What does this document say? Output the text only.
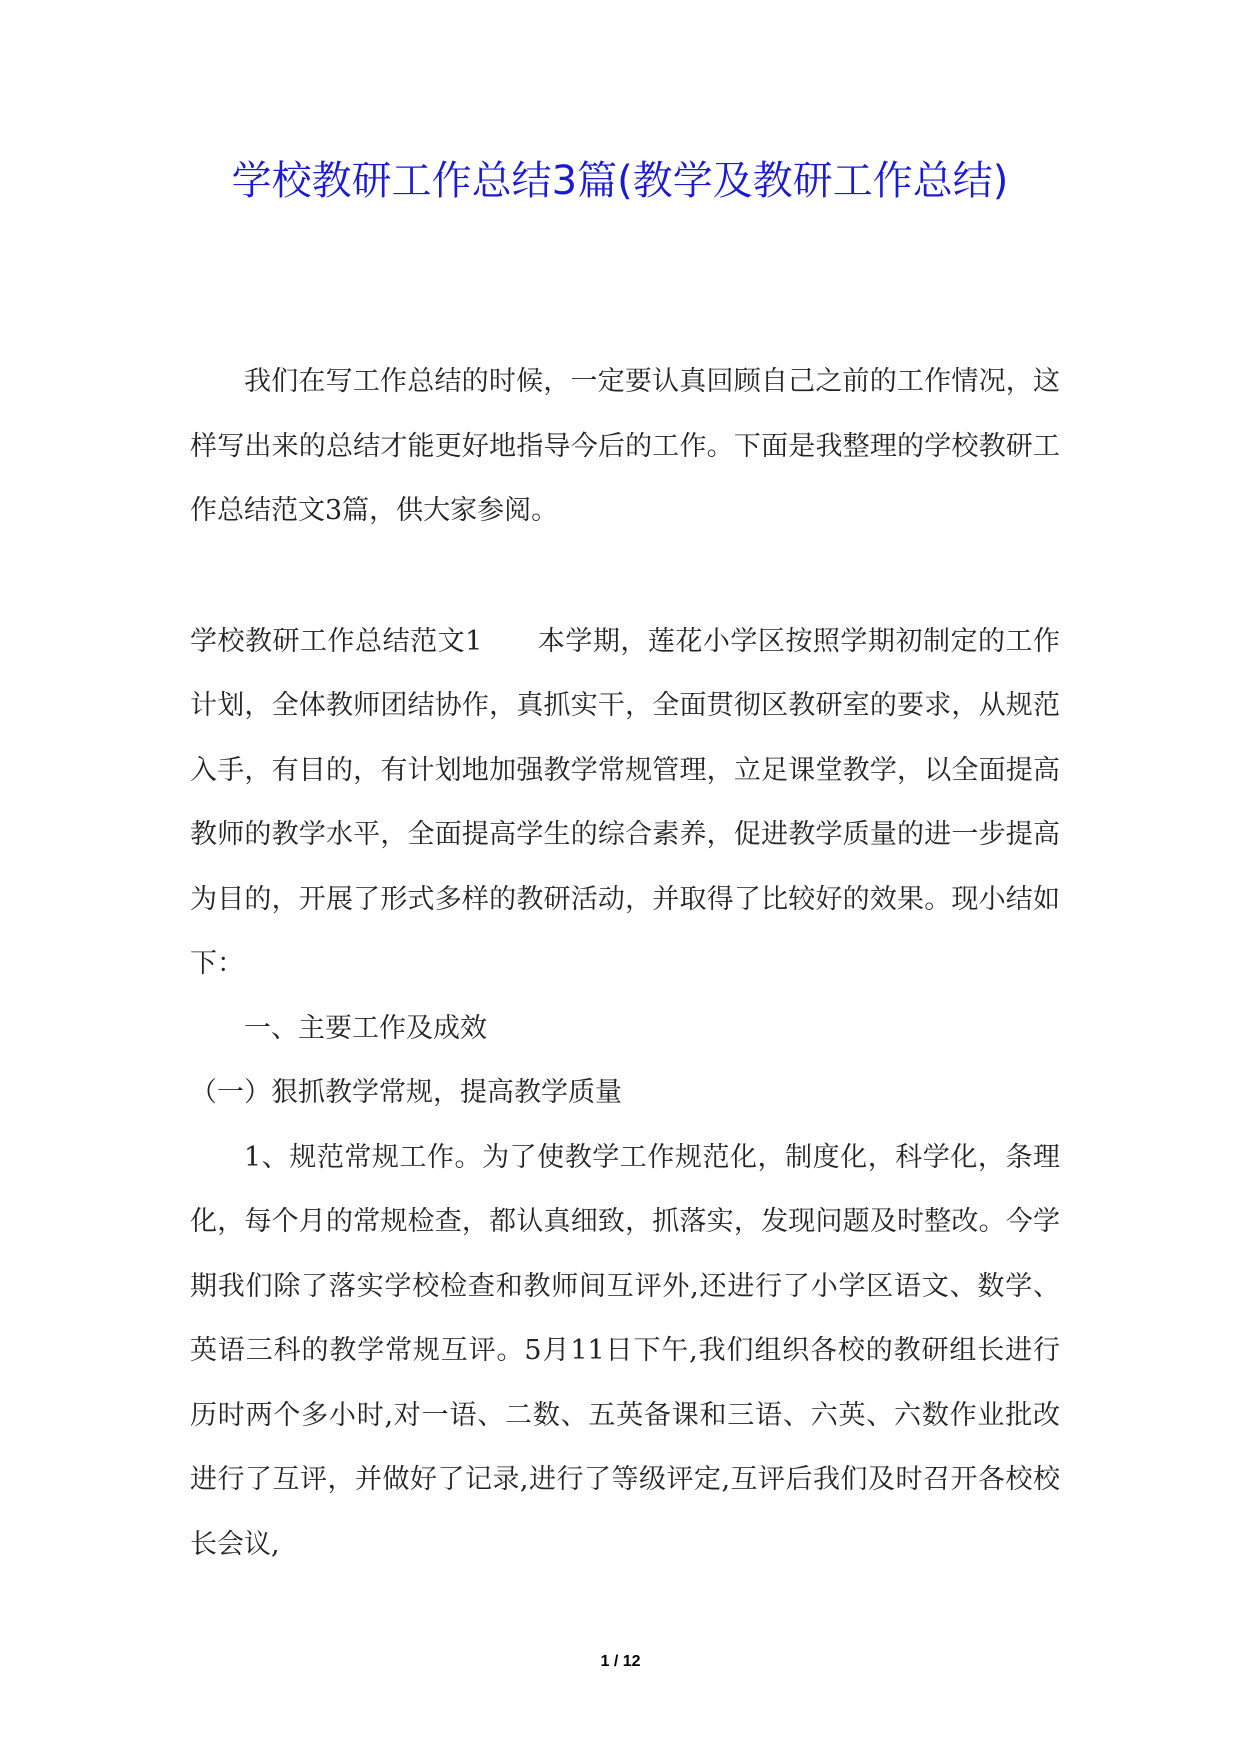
学校教研工作总结3篇(教学及教研工作总结)

我们在写工作总结的时候，一定要认真回顾自己之前的工作情况，这样写出来的总结才能更好地指导今后的工作。下面是我整理的学校教研工作总结范文3篇，供大家参阅。

学校教研工作总结范文1　　本学期，莲花小学区按照学期初制定的工作计划，全体教师团结协作，真抓实干，全面贯彻区教研室的要求，从规范入手，有目的，有计划地加强教学常规管理，立足课堂教学，以全面提高教师的教学水平，全面提高学生的综合素养，促进教学质量的进一步提高为目的，开展了形式多样的教研活动，并取得了比较好的效果。现小结如下：

一、主要工作及成效

（一）狠抓教学常规，提高教学质量

1、规范常规工作。为了使教学工作规范化，制度化，科学化，条理化，每个月的常规检查，都认真细致，抓落实，发现问题及时整改。今学期我们除了落实学校检查和教师间互评外,还进行了小学区语文、数学、英语三科的教学常规互评。5月11日下午,我们组织各校的教研组长进行历时两个多小时,对一语、二数、五英备课和三语、六英、六数作业批改进行了互评，并做好了记录,进行了等级评定,互评后我们及时召开各校校长会议,

1 / 12
